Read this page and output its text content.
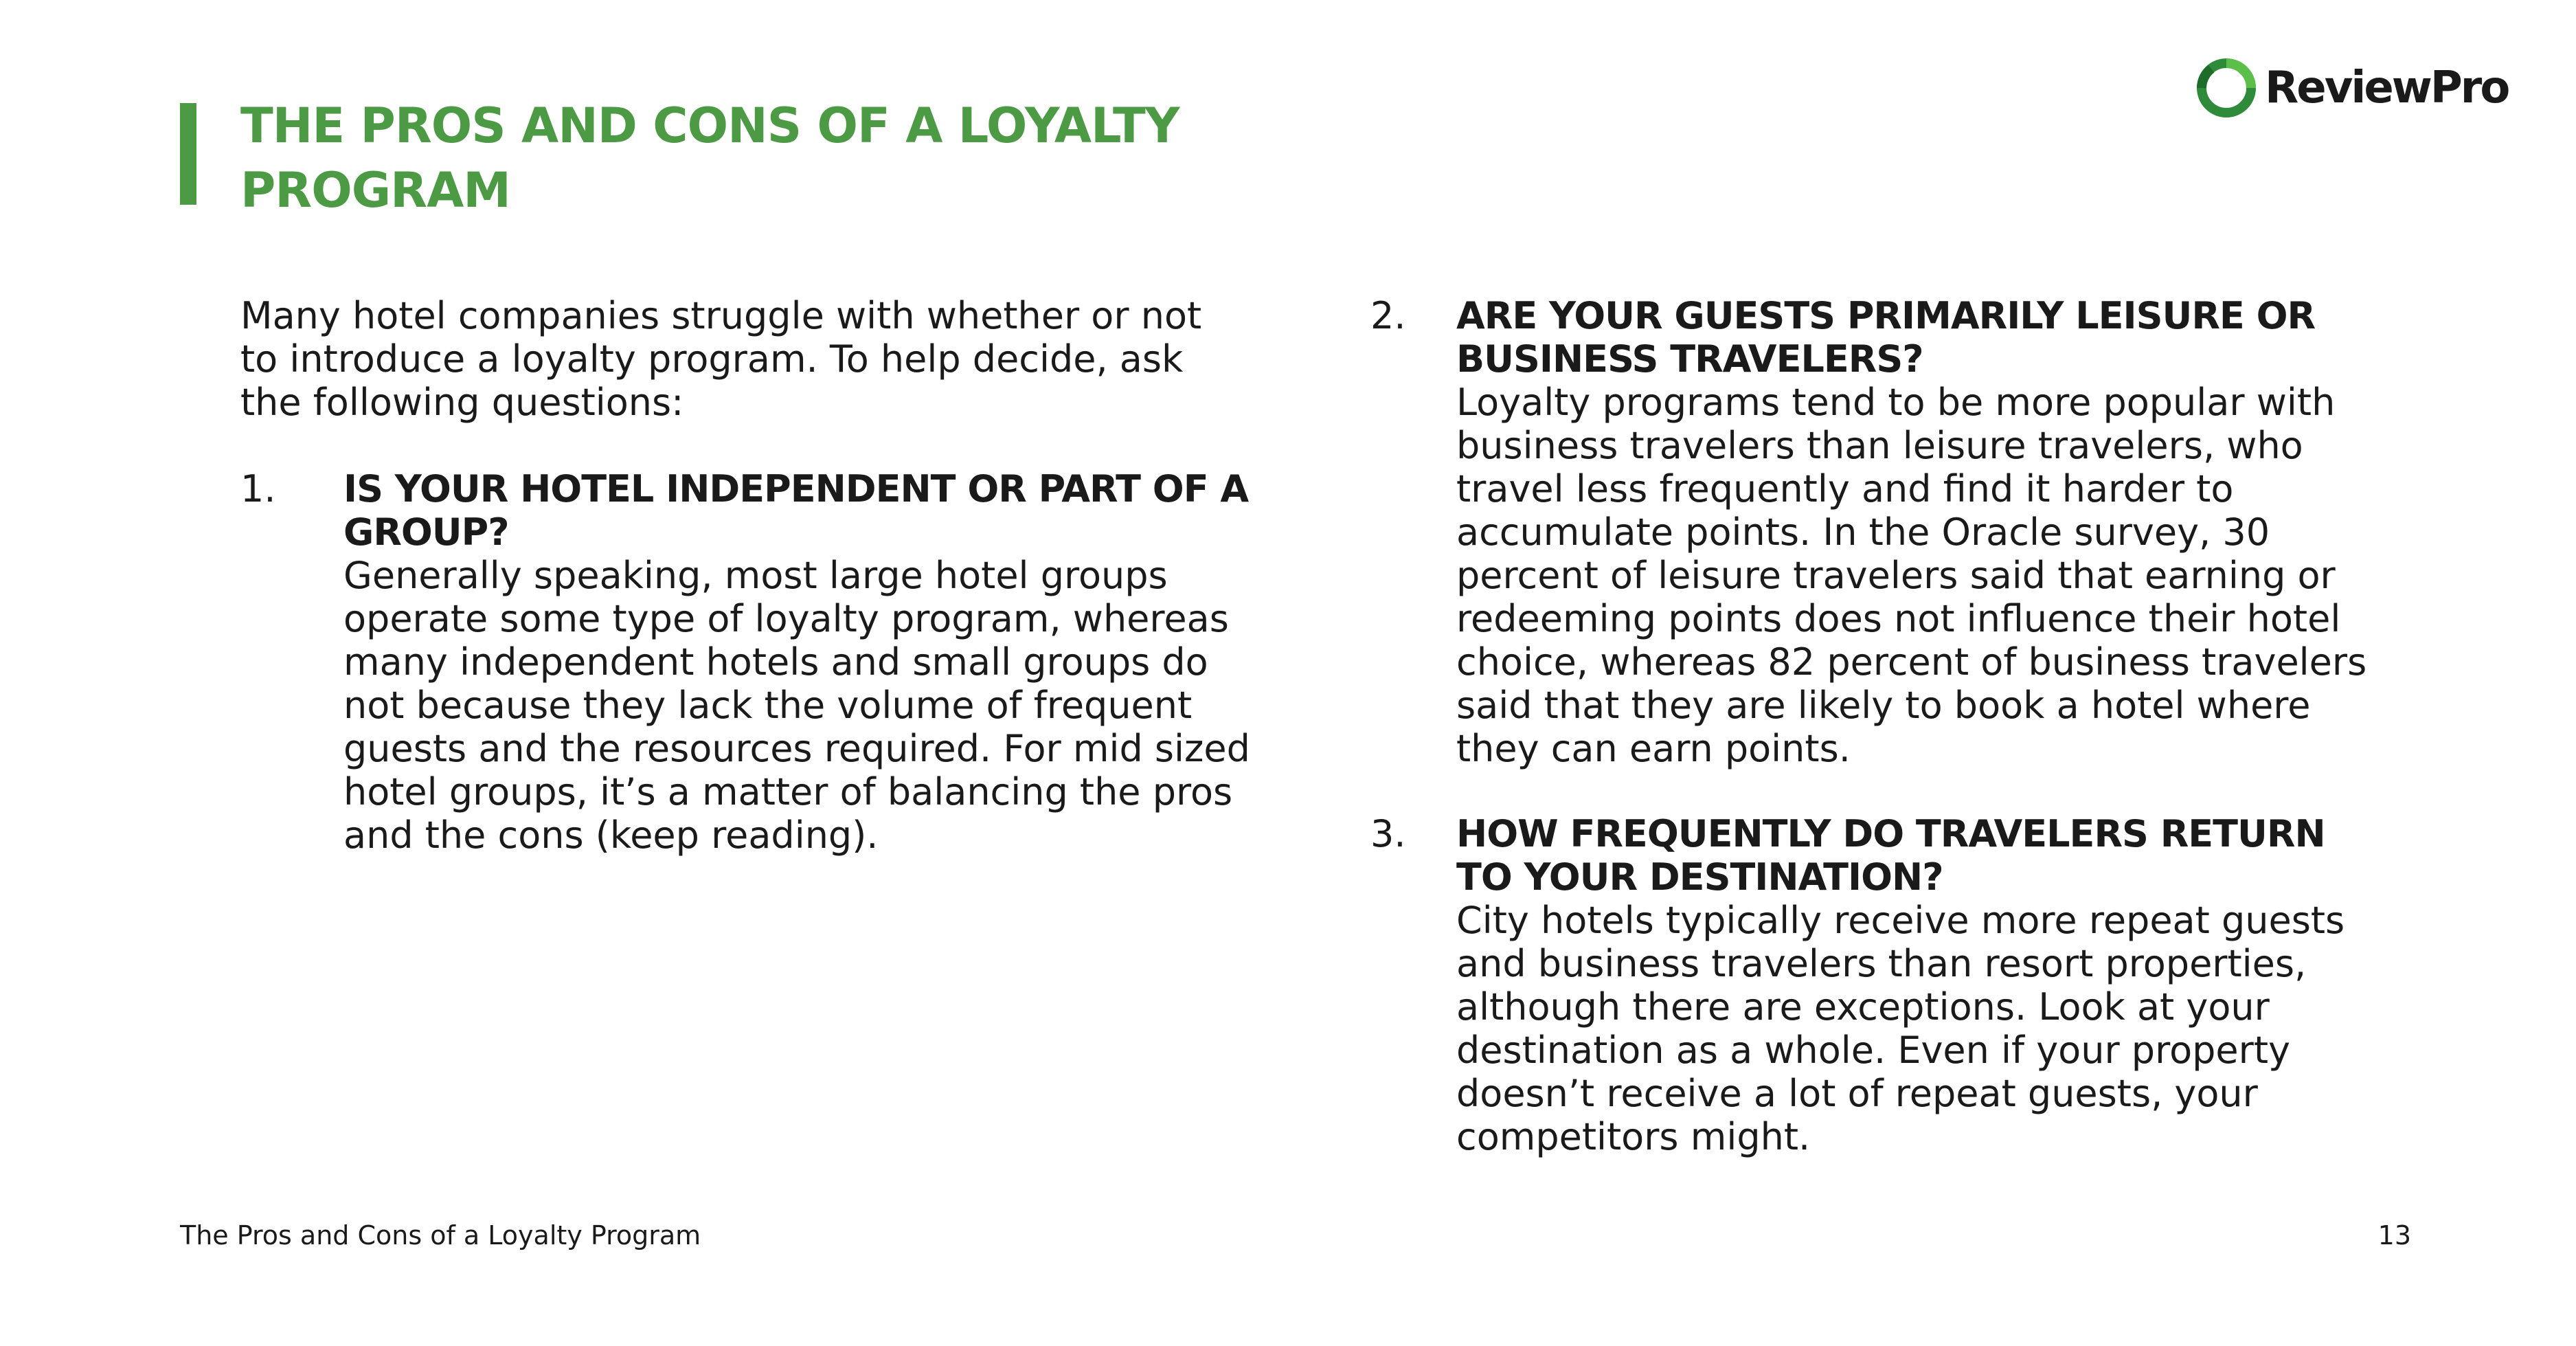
THE PROS AND CONS OF A LOYALTY PROGRAM
ReviewPro

Many hotel companies struggle with whether or not to introduce a loyalty program. To help decide, ask the following questions:

1. IS YOUR HOTEL INDEPENDENT OR PART OF A GROUP?

Generally speaking, most large hotel groups operate some type of loyalty program, whereas many independent hotels and small groups do not because they lack the volume of frequent guests and the resources required. For mid sized hotel groups, it’s a matter of balancing the pros and the cons (keep reading).

2. ARE YOUR GUESTS PRIMARILY LEISURE OR BUSINESS TRAVELERS?

Loyalty programs tend to be more popular with business travelers than leisure travelers, who travel less frequently and find it harder to accumulate points. In the Oracle survey, 30 percent of leisure travelers said that earning or redeeming points does not influence their hotel choice, whereas 82 percent of business travelers said that they are likely to book a hotel where they can earn points.

3. HOW FREQUENTLY DO TRAVELERS RETURN TO YOUR DESTINATION?

City hotels typically receive more repeat guests and business travelers than resort properties, although there are exceptions. Look at your destination as a whole. Even if your property doesn’t receive a lot of repeat guests, your competitors might.

The Pros and Cons of a Loyalty Program	13
